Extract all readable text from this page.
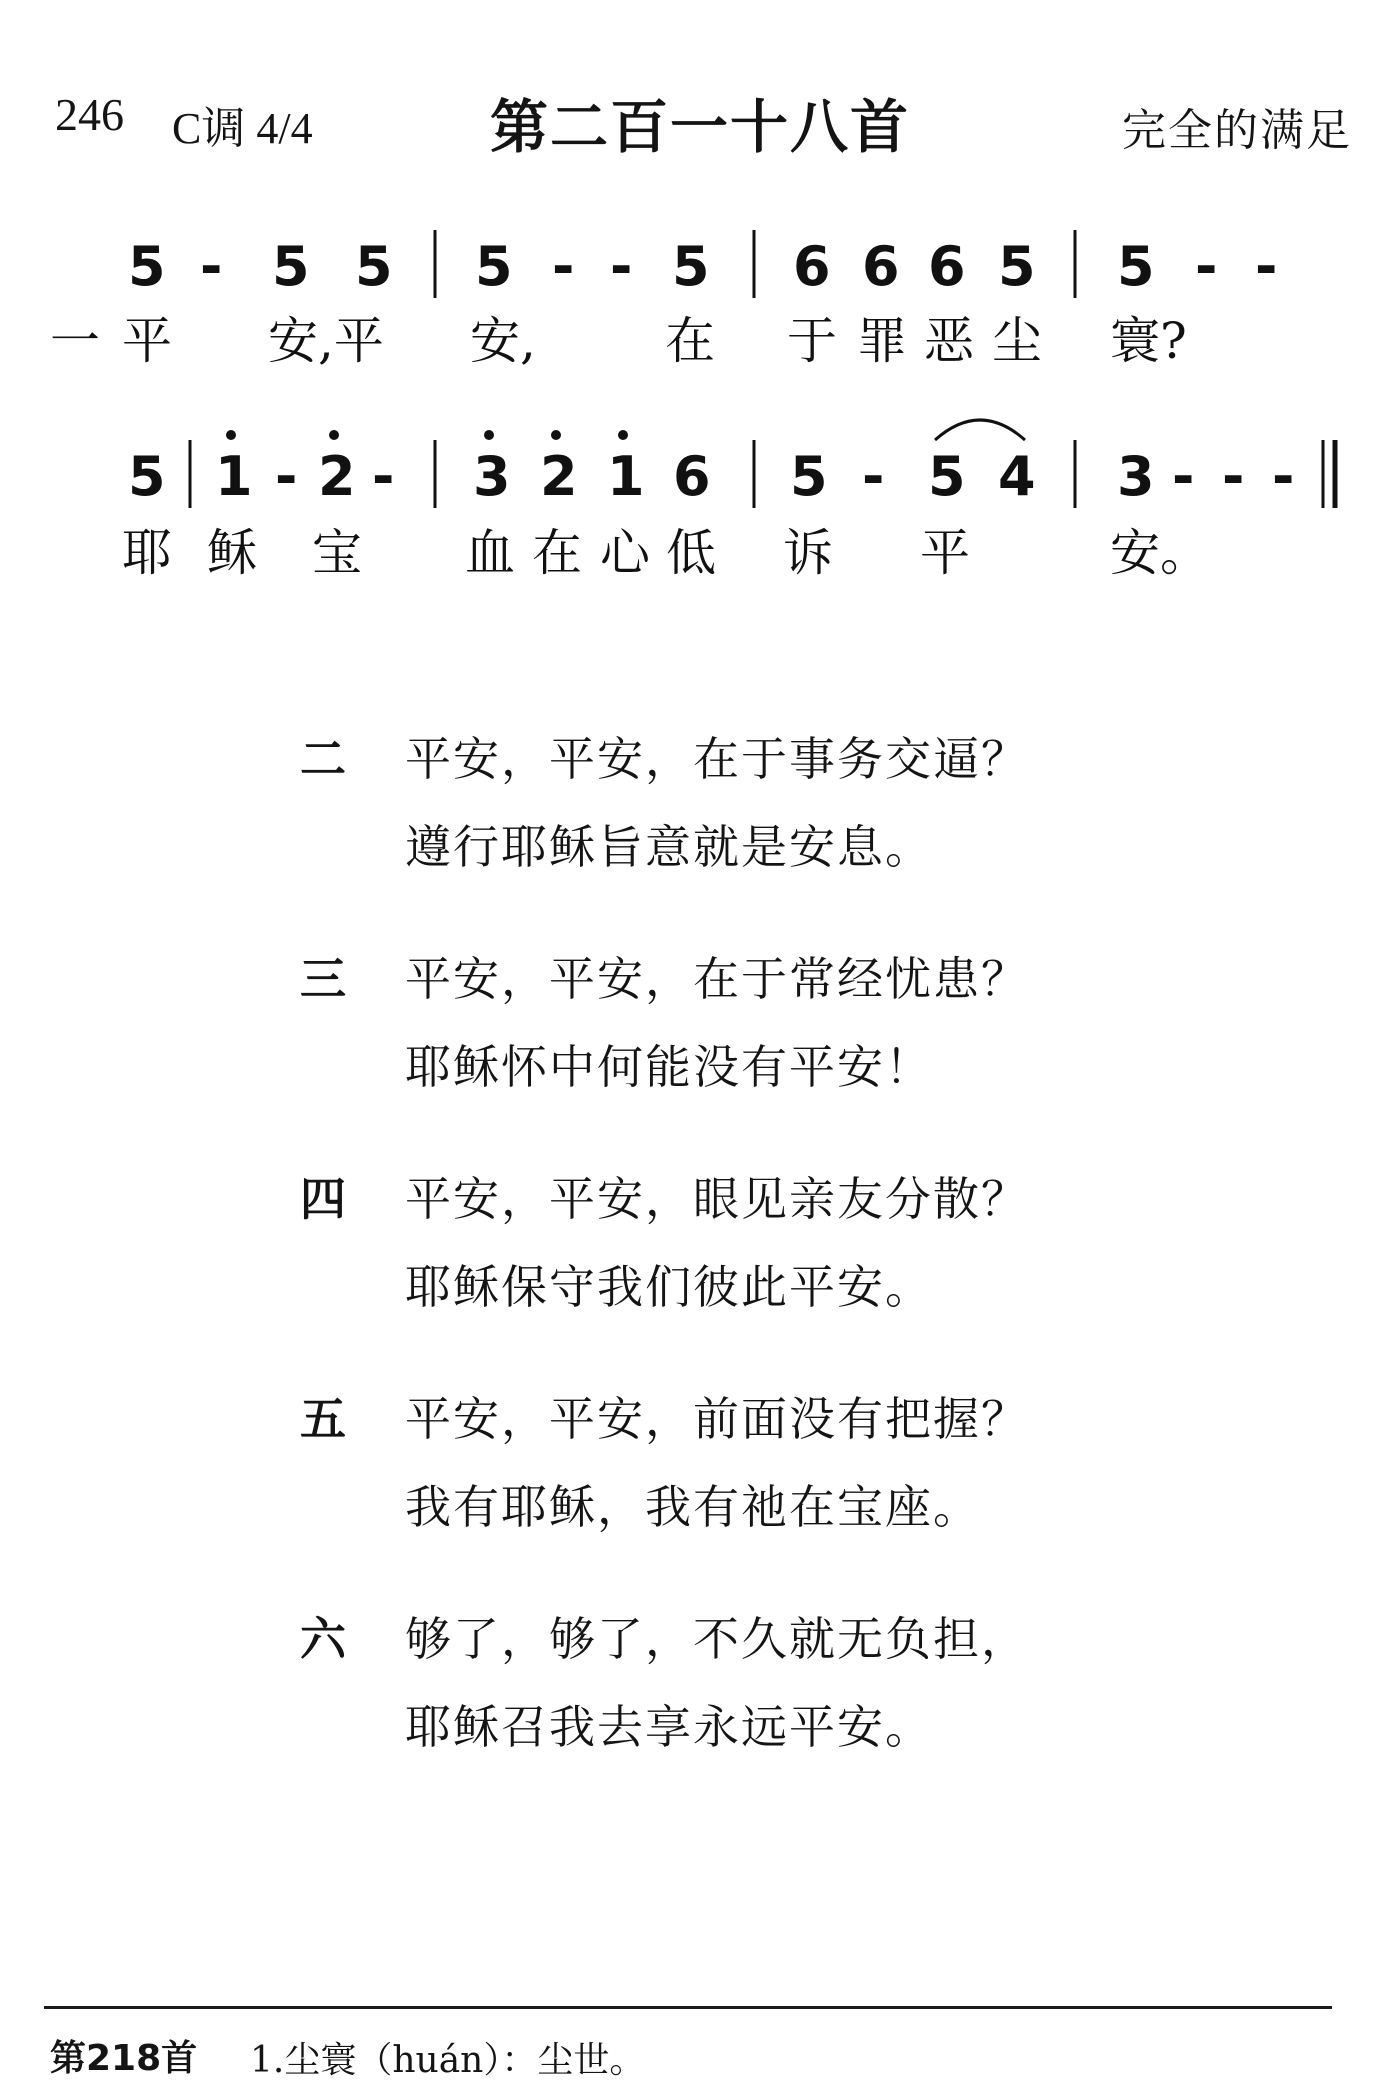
246 C调 4/4	第二百一十八首	完全的满足
5 - 5 5 5 - - 5 6 6 6 5 5 - -
一 平 安,平 安,	在 于 罪 恶 尘 寰?
5 1 - 2 - 3 2 1 6 5 - 5 4 3 - - -
耶 稣 宝 血 在 心 低 诉 平	安。
二 平安，平安，在于事务交逼？
遵行耶稣旨意就是安息。
三 平安，平安，在于常经忧患？
耶稣怀中何能没有平安！
四 平安，平安，眼见亲友分散？
耶稣保守我们彼此平安。
五 平安，平安，前面没有把握？
我有耶稣，我有祂在宝座。
六 够了，够了，不久就无负担，
耶稣召我去享永远平安。
第218首 1.尘寰（huán）：尘世。
